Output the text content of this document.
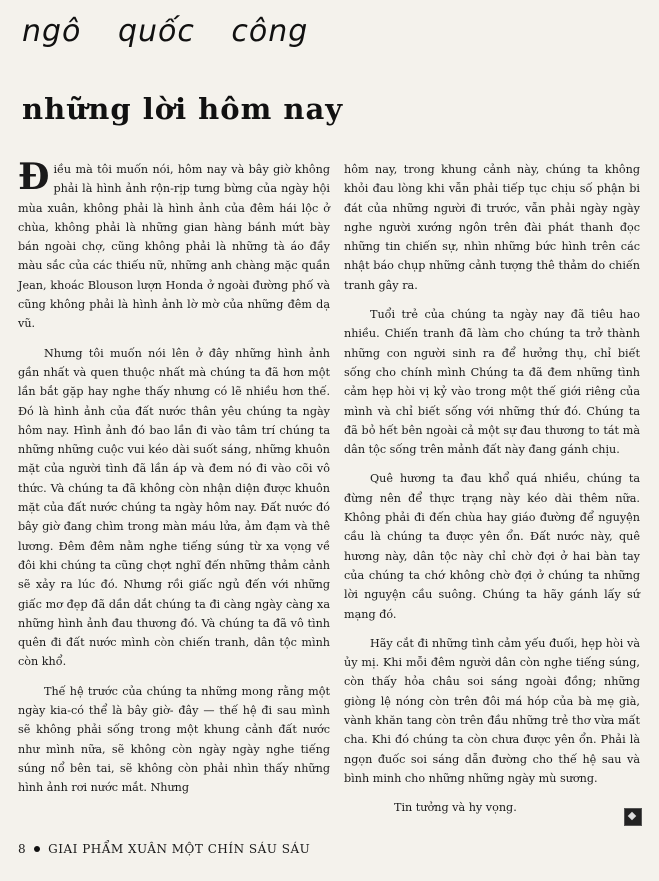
ngô quốc công
những lời hôm nay

Điều mà tôi muốn nói, hôm nay và bây giờ không phải là hình ảnh rộn-rịp tưng bừng của ngày hội mùa xuân, không phải là hình ảnh của đêm hái lộc ở chùa, không phải là những gian hàng bánh mứt bày bán ngoài chợ, cũng không phải là những tà áo đầy màu sắc của các thiếu nữ, những anh chàng mặc quần Jean, khoác Blouson lượn Honda ở ngoài đường phố và cũng không phải là hình ảnh lờ mờ của những đêm dạ vũ.

Nhưng tôi muốn nói lên ở đây những hình ảnh gần nhất và quen thuộc nhất mà chúng ta đã hơn một lần bắt gặp hay nghe thấy nhưng có lẽ nhiều hơn thế. Đó là hình ảnh của đất nước thân yêu chúng ta ngày hôm nay. Hình ảnh đó bao lần đi vào tâm trí chúng ta những những cuộc vui kéo dài suốt sáng, những khuôn mặt của người tình đã lần áp và đem nó đi vào cõi vô thức. Và chúng ta đã không còn nhận diện được khuôn mặt của đất nước chúng ta ngày hôm nay. Đất nước đó bây giờ đang chìm trong màn máu lửa, ảm đạm và thê lương. Đêm đêm nằm nghe tiếng súng từ xa vọng về đôi khi chúng ta cũng chợt nghĩ đến những thảm cảnh sẽ xảy ra lúc đó. Nhưng rồi giấc ngủ đến với những giấc mơ đẹp đã dần dắt chúng ta đi càng ngày càng xa những hình ảnh đau thương đó. Và chúng ta đã vô tình quên đi đất nước mình còn chiến tranh, dân tộc mình còn khổ.

Thế hệ trước của chúng ta những mong rằng một ngày kia-có thể là bây giờ- đây — thế hệ đi sau mình sẽ không phải sống trong một khung cảnh đất nước như mình nữa, sẽ không còn ngày ngày nghe tiếng súng nổ bên tai, sẽ không còn phải nhìn thấy những hình ảnh rơi nước mắt. Nhưng

hôm nay, trong khung cảnh này, chúng ta không khỏi đau lòng khi vẫn phải tiếp tục chịu số phận bi đát của những người đi trước, vẫn phải ngày ngày nghe người xướng ngôn trên đài phát thanh đọc những tin chiến sự, nhìn những bức hình trên các nhật báo chụp những cảnh tượng thê thảm do chiến tranh gây ra.

Tuổi trẻ của chúng ta ngày nay đã tiêu hao nhiều. Chiến tranh đã làm cho chúng ta trở thành những con người sinh ra để hưởng thụ, chỉ biết sống cho chính mình Chúng ta đã đem những tình cảm hẹp hòi vị kỷ vào trong một thế giới riêng của mình và chỉ biết sống với những thứ đó. Chúng ta đã bỏ hết bên ngoài cả một sự đau thương to tát mà dân tộc sống trên mảnh đất này đang gánh chịu.

Quê hương ta đau khổ quá nhiều, chúng ta đừng nên để thực trạng này kéo dài thêm nữa. Không phải đi đến chùa hay giáo đường để nguyện cầu là chúng ta được yên ổn. Đất nước này, quê hương này, dân tộc này chỉ chờ đợi ở hai bàn tay của chúng ta chớ không chờ đợi ở chúng ta những lời nguyện cầu suông. Chúng ta hãy gánh lấy sứ mạng đó.

Hãy cắt đi những tình cảm yếu đuối, hẹp hòi và ủy mị. Khi mỗi đêm người dân còn nghe tiếng súng, còn thấy hỏa châu soi sáng ngoài đồng; những giòng lệ nóng còn trên đôi má hóp của bà mẹ già, vành khăn tang còn trên đầu những trẻ thơ vừa mất cha. Khi đó chúng ta còn chưa được yên ổn. Phải là ngọn đuốc soi sáng dẫn đường cho thế hệ sau và bình minh cho những những ngày mù sương.

Tin tưởng và hy vọng.

8 GIAI PHẨM XUÂN MỘT CHÍN SÁU SÁU
